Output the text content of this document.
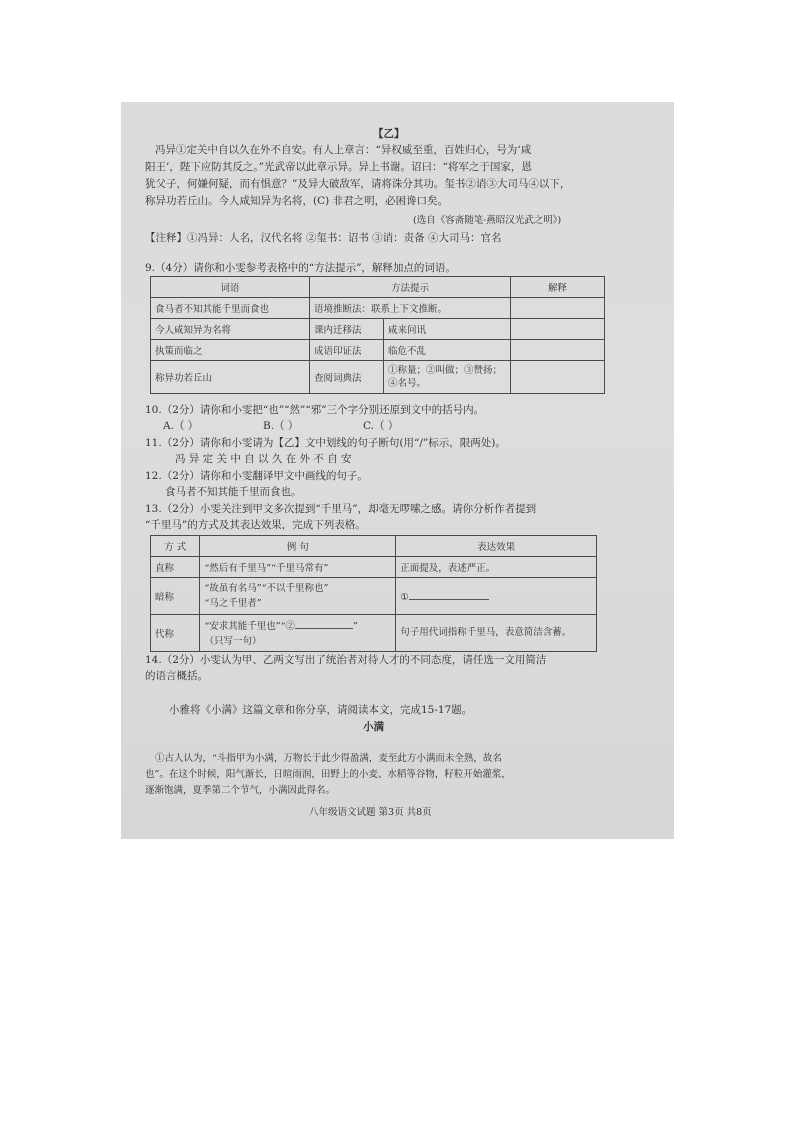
【乙】
冯异①定关中自以久在外不自安。有人上章言：“异权威至重，百姓归心，号为‘咸
阳王’，陛下应防其反之。”光武帝以此章示异。异上书谢。诏曰：“将军之于国家，恩
犹父子，何嫌何疑，而有惧意？”及异大破敌军，请将诛分其功。玺书②诮③大司马④以下，
称异功若丘山。今人咸知异为名将，(C) 非君之明，必困谗口矣。
(选自《容斋随笔·燕昭汉光武之明》)
【注释】①冯异：人名，汉代名将 ②玺书：诏书 ③诮：责备 ④大司马：官名
9.（4分）请你和小雯参考表格中的“方法提示”，解释加点的词语。
词语	方法提示		解释
食马者不知其能千里而食也	语境推断法：联系上下文推断。		
今人咸知异为名将	课内迁移法	咸来问讯	
执策而临之	成语印证法	临危不乱	
称异功若丘山	查阅词典法	①称量；②叫做；③赞扬；④名号。	
10.（2分）请你和小雯把“也”“然”“邪”三个字分别还原到文中的括号内。
A.（ ）	B.（ ）	C.（ ）
11.（2分）请你和小雯请为【乙】文中划线的句子断句(用“/”标示，限两处)。
冯 异 定 关 中 自 以 久 在 外 不 自 安
12.（2分）请你和小雯翻译甲文中画线的句子。
食马者不知其能千里而食也。
13.（2分）小雯关注到甲文多次提到“千里马”，却毫无啰嗦之感。请你分析作者提到
“千里马”的方式及其表达效果，完成下列表格。
方 式	例 句	表达效果
直称	“然后有千里马”“千里马常有”	正面提及，表述严正。
暗称	“故虽有名马”“不以千里称也”
“马之千里者”	①
代称	“安求其能千里也”“② ”
（只写一句）	句子用代词指称千里马，表意简洁含蓄。
14.（2分）小雯认为甲、乙两文写出了统治者对待人才的不同态度，请任选一文用简洁
的语言概括。
小雅将《小满》这篇文章和你分享，请阅读本文，完成15-17题。
小满
①古人认为，“斗指甲为小满，万物长于此少得盈满，麦至此方小满而未全熟，故名
也”。在这个时候，阳气渐长，日暄雨润，田野上的小麦、水稻等谷物，籽粒开始灌浆，
逐渐饱满，夏季第二个节气，小满因此得名。
八年级语文试题 第3页 共8页
